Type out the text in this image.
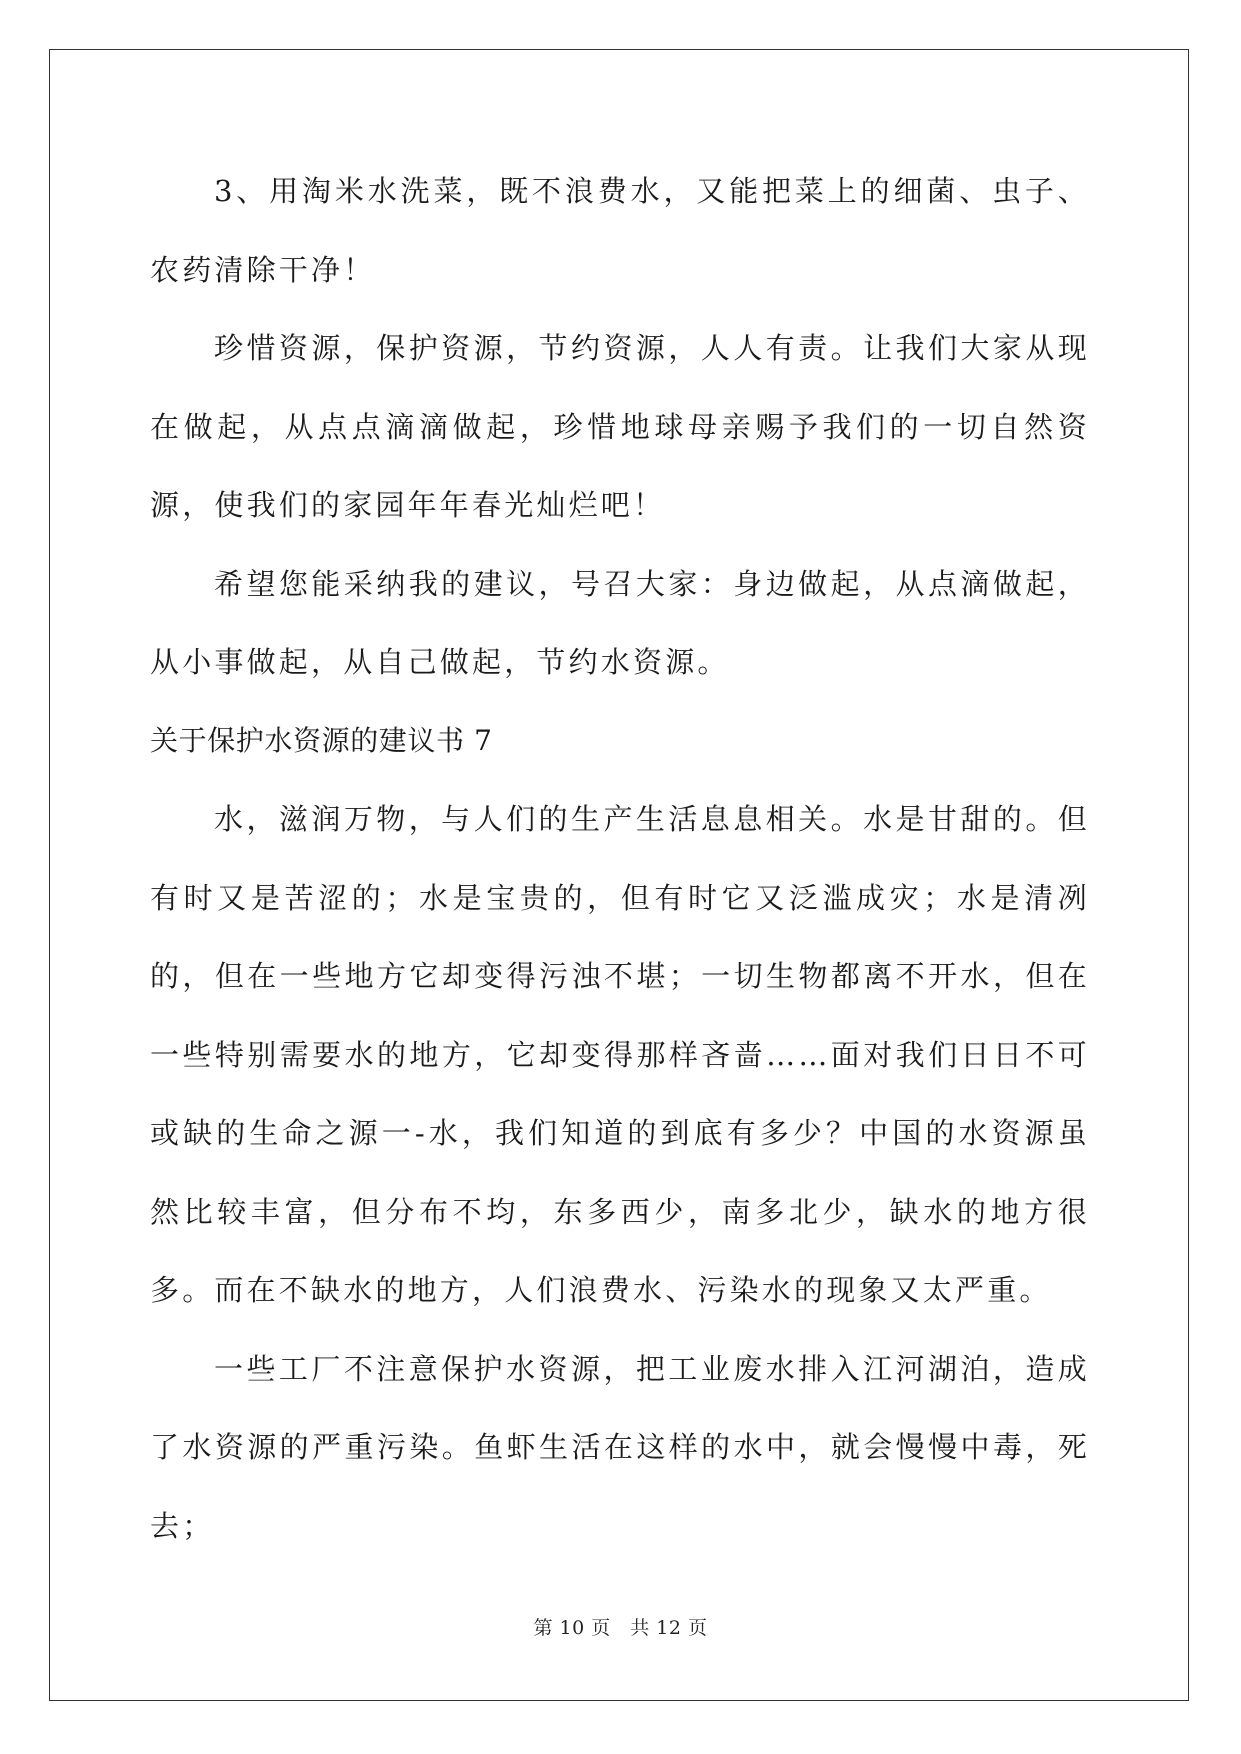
3、用淘米水洗菜，既不浪费水，又能把菜上的细菌、虫子、农药清除干净！

珍惜资源，保护资源，节约资源，人人有责。让我们大家从现在做起，从点点滴滴做起，珍惜地球母亲赐予我们的一切自然资源，使我们的家园年年春光灿烂吧！

希望您能采纳我的建议，号召大家：身边做起，从点滴做起，从小事做起，从自己做起，节约水资源。

关于保护水资源的建议书 7

水，滋润万物，与人们的生产生活息息相关。水是甘甜的。但有时又是苦涩的；水是宝贵的，但有时它又泛滥成灾；水是清冽的，但在一些地方它却变得污浊不堪；一切生物都离不开水，但在一些特别需要水的地方，它却变得那样吝啬……面对我们日日不可或缺的生命之源一-水，我们知道的到底有多少？中国的水资源虽然比较丰富，但分布不均，东多西少，南多北少，缺水的地方很多。而在不缺水的地方，人们浪费水、污染水的现象又太严重。

一些工厂不注意保护水资源，把工业废水排入江河湖泊，造成了水资源的严重污染。鱼虾生活在这样的水中，就会慢慢中毒，死去；

第 10 页　共 12 页
